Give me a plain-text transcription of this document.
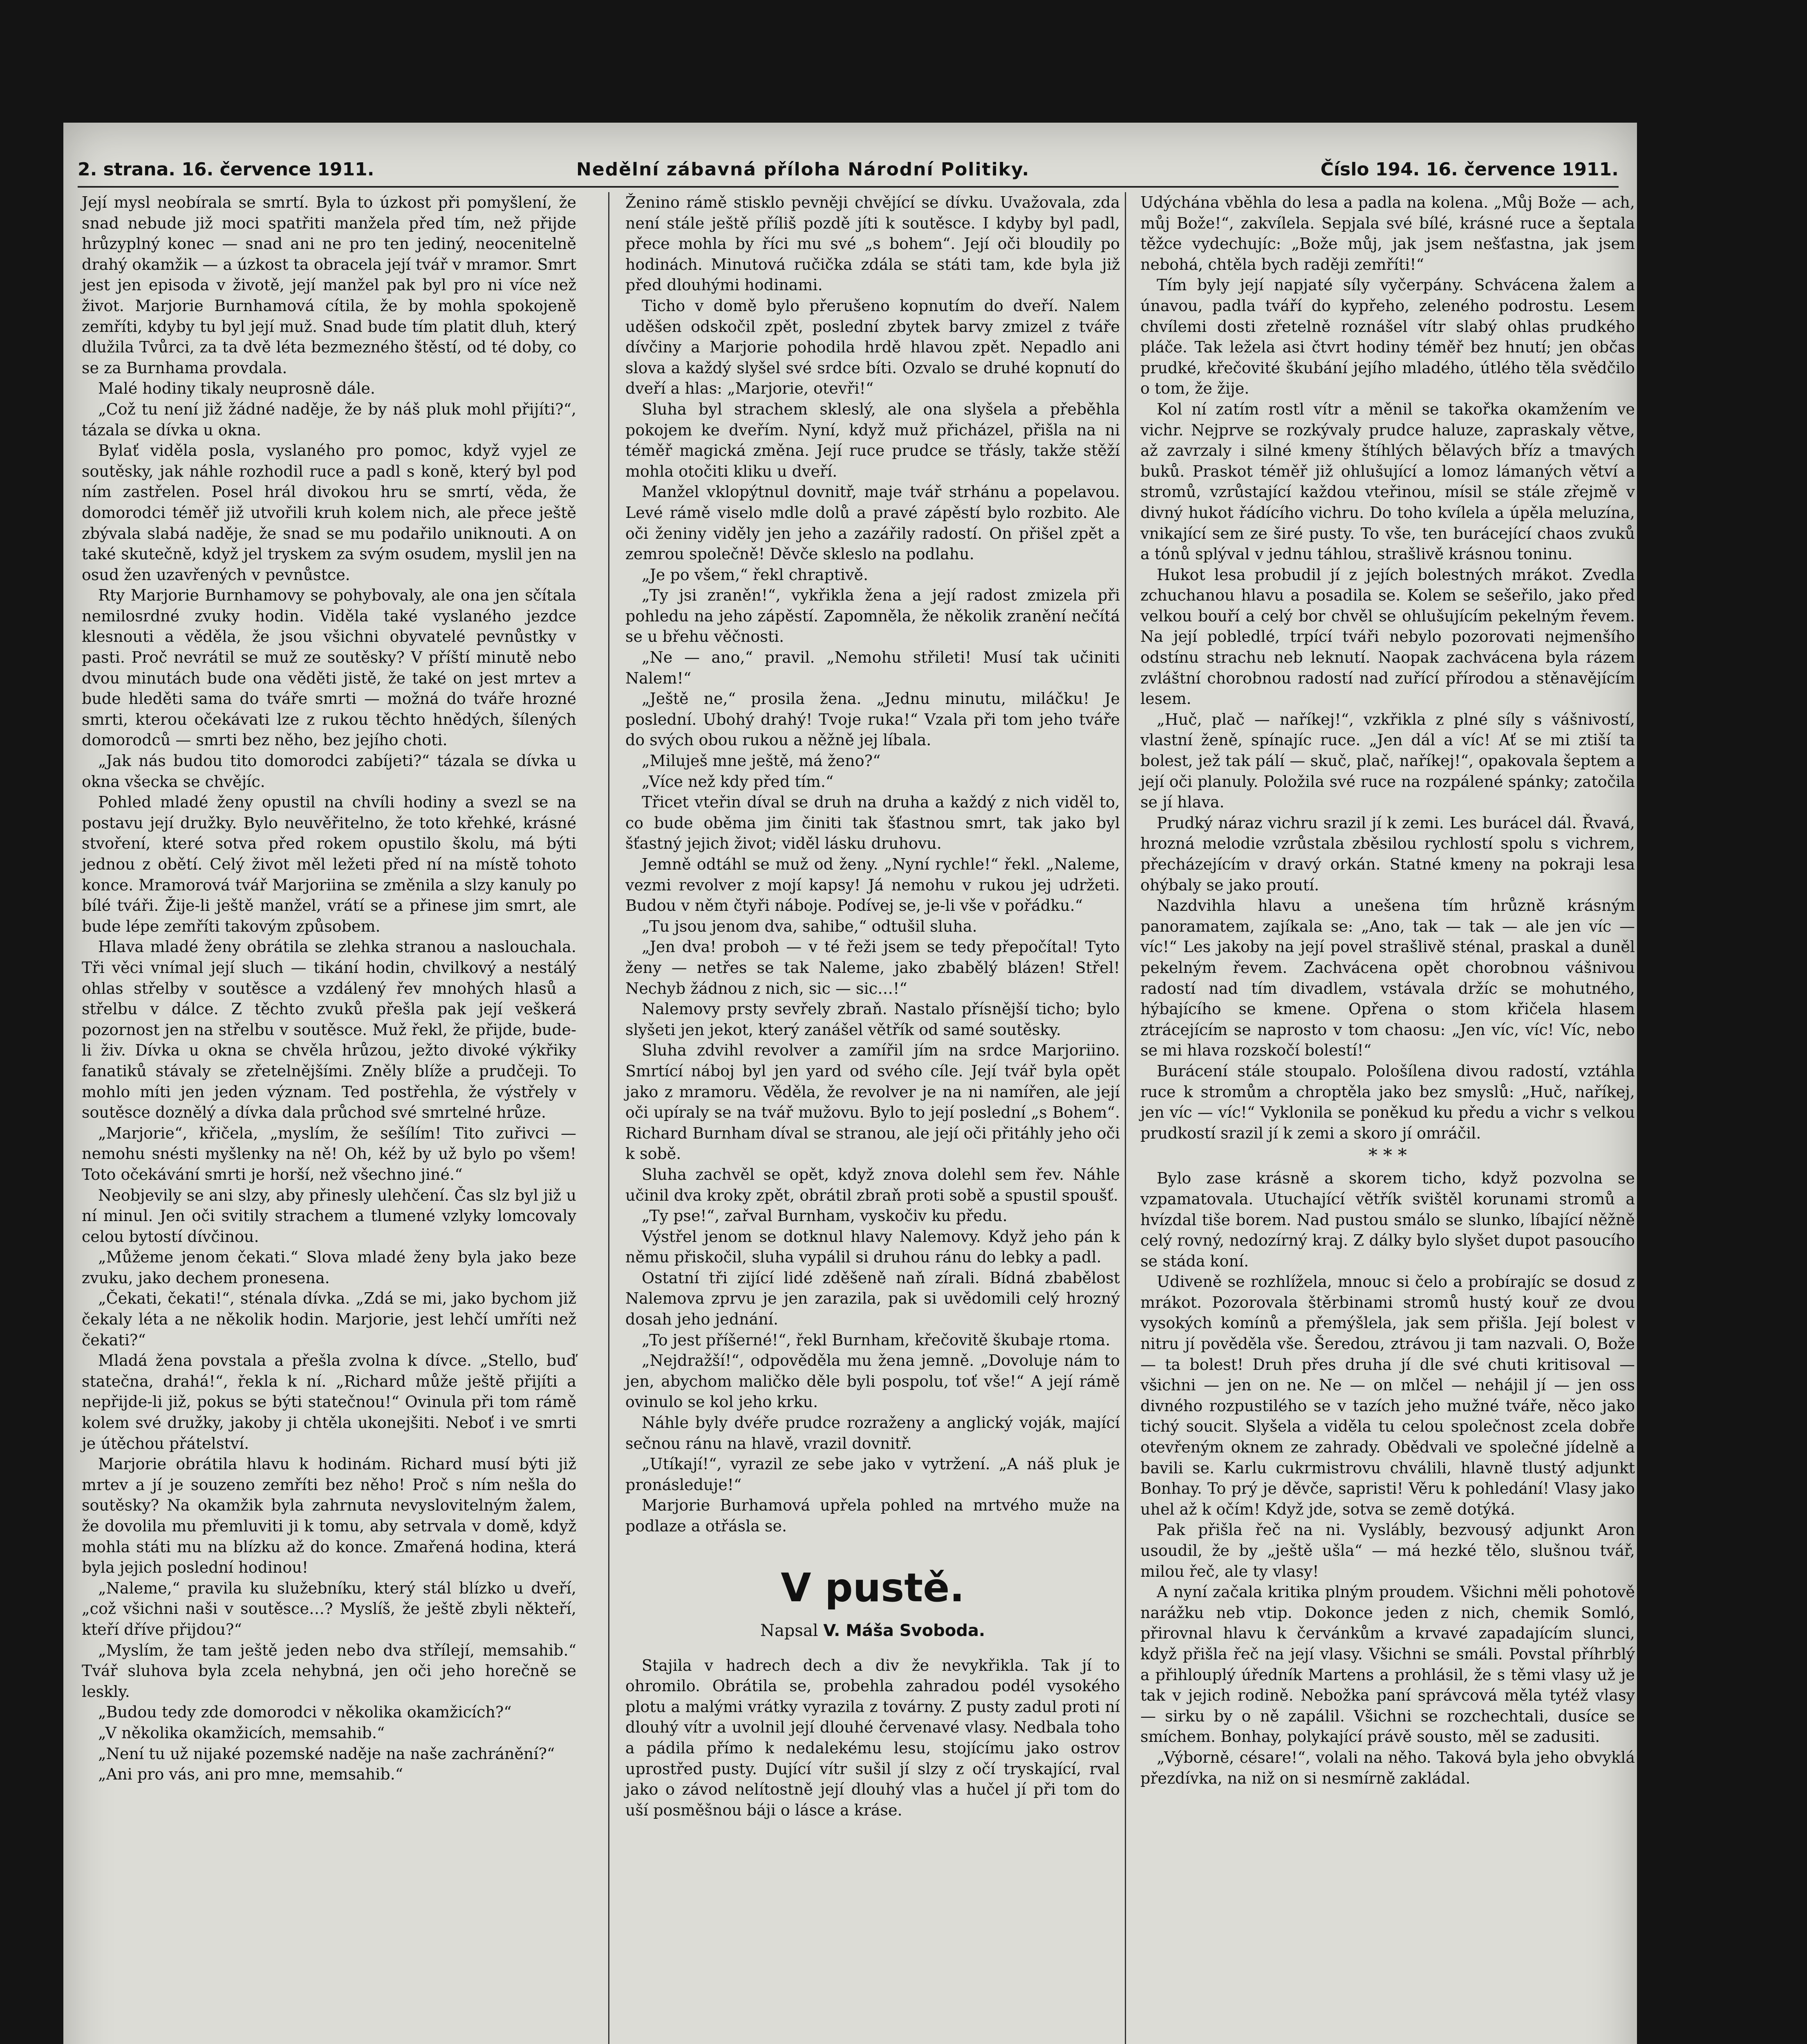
2. strana. 16. července 1911.	Nedělní zábavná příloha Národní Politiky.	Číslo 194. 16. července 1911.

Její mysl neobírala se smrtí. Byla to úzkost při pomyšlení, že snad nebude již moci spatřiti manžela před tím, než přijde hrůzyplný konec — snad ani ne pro ten jediný, neocenitelně drahý okamžik — a úzkost ta obracela její tvář v mramor. Smrt jest jen episoda v životě, její manžel pak byl pro ni více než život. Marjorie Burnhamová cítila, že by mohla spokojeně zemříti, kdyby tu byl její muž. Snad bude tím platit dluh, který dlužila Tvůrci, za ta dvě léta bezmezného štěstí, od té doby, co se za Burnhama provdala.

Malé hodiny tikaly neuprosně dále.

„Což tu není již žádné naděje, že by náš pluk mohl přijíti?“, tázala se dívka u okna.

Bylať viděla posla, vyslaného pro pomoc, když vyjel ze soutěsky, jak náhle rozhodil ruce a padl s koně, který byl pod ním zastřelen. Posel hrál divokou hru se smrtí, věda, že domorodci téměř již utvořili kruh kolem nich, ale přece ještě zbývala slabá naděje, že snad se mu podařilo uniknouti. A on také skutečně, když jel tryskem za svým osudem, myslil jen na osud žen uzavřených v pevnůstce.

Rty Marjorie Burnhamovy se pohybovaly, ale ona jen sčítala nemilosrdné zvuky hodin. Viděla také vyslaného jezdce klesnouti a věděla, že jsou všichni obyvatelé pevnůstky v pasti. Proč nevrátil se muž ze soutěsky? V příští minutě nebo dvou minutách bude ona věděti jistě, že také on jest mrtev a bude hleděti sama do tváře smrti — možná do tváře hrozné smrti, kterou očekávati lze z rukou těchto hnědých, šílených domorodců — smrti bez něho, bez jejího choti.

„Jak nás budou tito domorodci zabíjeti?“ tázala se dívka u okna všecka se chvějíc.

Pohled mladé ženy opustil na chvíli hodiny a svezl se na postavu její družky. Bylo neuvěřitelno, že toto křehké, krásné stvoření, které sotva před rokem opustilo školu, má býti jednou z obětí. Celý život měl ležeti před ní na místě tohoto konce. Mramorová tvář Marjoriina se změnila a slzy kanuly po bílé tváři. Žije-li ještě manžel, vrátí se a přinese jim smrt, ale bude lépe zemříti takovým způsobem.

Hlava mladé ženy obrátila se zlehka stranou a naslouchala. Tři věci vnímal její sluch — tikání hodin, chvilkový a nestálý ohlas střelby v soutěsce a vzdálený řev mnohých hlasů a střelbu v dálce. Z těchto zvuků přešla pak její veškerá pozornost jen na střelbu v soutěsce. Muž řekl, že přijde, bude-li živ. Dívka u okna se chvěla hrůzou, ježto divoké výkřiky fanatiků stávaly se zřetelnějšími. Zněly blíže a prudčeji. To mohlo míti jen jeden význam. Ted postřehla, že výstřely v soutěsce doznělý a dívka dala průchod své smrtelné hrůze.

„Marjorie“, křičela, „myslím, že sešílím! Tito zuřivci — nemohu snésti myšlenky na ně! Oh, kéž by už bylo po všem! Toto očekávání smrti je horší, než všechno jiné.“

Neobjevily se ani slzy, aby přinesly ulehčení. Čas slz byl již u ní minul. Jen oči svitily strachem a tlumené vzlyky lomcovaly celou bytostí dívčinou.

„Můžeme jenom čekati.“ Slova mladé ženy byla jako beze zvuku, jako dechem pronesena.

„Čekati, čekati!“, sténala dívka. „Zdá se mi, jako bychom již čekaly léta a ne několik hodin. Marjorie, jest lehčí umříti než čekati?“

Mladá žena povstala a přešla zvolna k dívce. „Stello, buď statečna, drahá!“, řekla k ní. „Richard může ještě přijíti a nepřijde-li již, pokus se býti statečnou!“ Ovinula při tom rámě kolem své družky, jakoby ji chtěla ukonejšiti. Neboť i ve smrti je útěchou přátelství.

Marjorie obrátila hlavu k hodinám. Richard musí býti již mrtev a jí je souzeno zemříti bez něho! Proč s ním nešla do soutěsky? Na okamžik byla zahrnuta nevyslovitelným žalem, že dovolila mu přemluviti ji k tomu, aby setrvala v domě, když mohla státi mu na blízku až do konce. Zmařená hodina, která byla jejich poslední hodinou!

„Naleme,“ pravila ku služebníku, který stál blízko u dveří, „což všichni naši v soutěsce…? Myslíš, že ještě zbyli někteří, kteří dříve přijdou?“

„Myslím, že tam ještě jeden nebo dva střílejí, memsahib.“ Tvář sluhova byla zcela nehybná, jen oči jeho horečně se leskly.

„Budou tedy zde domorodci v několika okamžicích?“

„V několika okamžicích, memsahib.“

„Není tu už nijaké pozemské naděje na naše zachránění?“

„Ani pro vás, ani pro mne, memsahib.“

Ženino rámě stisklo pevněji chvějící se dívku. Uvažovala, zda není stále ještě příliš pozdě jíti k soutěsce. I kdyby byl padl, přece mohla by říci mu své „s bohem“. Její oči bloudily po hodinách. Minutová ručička zdála se státi tam, kde byla již před dlouhými hodinami.

Ticho v domě bylo přerušeno kopnutím do dveří. Nalem uděšen odskočil zpět, poslední zbytek barvy zmizel z tváře dívčiny a Marjorie pohodila hrdě hlavou zpět. Nepadlo ani slova a každý slyšel své srdce bíti. Ozvalo se druhé kopnutí do dveří a hlas: „Marjorie, otevři!“

Sluha byl strachem skleslý, ale ona slyšela a přeběhla pokojem ke dveřím. Nyní, když muž přicházel, přišla na ni téměř magická změna. Její ruce prudce se třásly, takže stěží mohla otočiti kliku u dveří.

Manžel vklopýtnul dovnitř, maje tvář strhánu a popelavou. Levé rámě viselo mdle dolů a pravé zápěstí bylo rozbito. Ale oči ženiny viděly jen jeho a zazářily radostí. On přišel zpět a zemrou společně! Děvče skleslo na podlahu.

„Je po všem,“ řekl chraptivě.

„Ty jsi zraněn!“, vykřikla žena a její radost zmizela při pohledu na jeho zápěstí. Zapomněla, že několik zranění nečítá se u břehu věčnosti.

„Ne — ano,“ pravil. „Nemohu střileti! Musí tak učiniti Nalem!“

„Ještě ne,“ prosila žena. „Jednu minutu, miláčku! Je poslední. Ubohý drahý! Tvoje ruka!“ Vzala při tom jeho tváře do svých obou rukou a něžně jej líbala.

„Miluješ mne ještě, má ženo?“

„Více než kdy před tím.“

Třicet vteřin díval se druh na druha a každý z nich viděl to, co bude oběma jim činiti tak šťastnou smrt, tak jako byl šťastný jejich život; viděl lásku druhovu.

Jemně odtáhl se muž od ženy. „Nyní rychle!“ řekl. „Naleme, vezmi revolver z mojí kapsy! Já nemohu v rukou jej udržeti. Budou v něm čtyři náboje. Podívej se, je-li vše v pořádku.“

„Tu jsou jenom dva, sahibe,“ odtušil sluha.

„Jen dva! proboh — v té řeži jsem se tedy přepočítal! Tyto ženy — netřes se tak Naleme, jako zbabělý blázen! Střel! Nechyb žádnou z nich, sic — sic…!“

Nalemovy prsty sevřely zbraň. Nastalo přísnější ticho; bylo slyšeti jen jekot, který zanášel větřík od samé soutěsky.

Sluha zdvihl revolver a zamířil jím na srdce Marjoriino. Smrtící náboj byl jen yard od svého cíle. Její tvář byla opět jako z mramoru. Věděla, že revolver je na ni namířen, ale její oči upíraly se na tvář mužovu. Bylo to její poslední „s Bohem“. Richard Burnham díval se stranou, ale její oči přitáhly jeho oči k sobě.

Sluha zachvěl se opět, když znova dolehl sem řev. Náhle učinil dva kroky zpět, obrátil zbraň proti sobě a spustil spoušť.

„Ty pse!“, zařval Burnham, vyskočiv ku předu.

Výstřel jenom se dotknul hlavy Nalemovy. Když jeho pán k němu přiskočil, sluha vypálil si druhou ránu do lebky a padl.

Ostatní tři zijící lidé zděšeně naň zírali. Bídná zbabělost Nalemova zprvu je jen zarazila, pak si uvědomili celý hrozný dosah jeho jednání.

„To jest příšerné!“, řekl Burnham, křečovitě škubaje rtoma.

„Nejdražší!“, odpověděla mu žena jemně. „Dovoluje nám to jen, abychom maličko děle byli pospolu, toť vše!“ A její rámě ovinulo se kol jeho krku.

Náhle byly dvéře prudce rozraženy a anglický voják, mající sečnou ránu na hlavě, vrazil dovnitř.

„Utíkají!“, vyrazil ze sebe jako v vytržení. „A náš pluk je pronásleduje!“

Marjorie Burhamová upřela pohled na mrtvého muže na podlaze a otřásla se.

V pustě.
Napsal V. Máša Svoboda.

Stajila v hadrech dech a div že nevykřikla. Tak jí to ohromilo. Obrátila se, probehla zahradou podél vysokého plotu a malými vrátky vyrazila z továrny. Z pusty zadul proti ní dlouhý vítr a uvolnil její dlouhé červenavé vlasy. Nedbala toho a pádila přímo k nedalekému lesu, stojícímu jako ostrov uprostřed pusty. Dující vítr sušil jí slzy z očí tryskající, rval jako o závod nelítostně její dlouhý vlas a hučel jí při tom do uší posměšnou báji o lásce a kráse.

Udýchána vběhla do lesa a padla na kolena. „Můj Bože — ach, můj Bože!“, zakvílela. Sepjala své bílé, krásné ruce a šeptala těžce vydechujíc: „Bože můj, jak jsem nešťastna, jak jsem nebohá, chtěla bych raději zemříti!“

Tím byly její napjaté síly vyčerpány. Schvácena žalem a únavou, padla tváří do kypřeho, zeleného podrostu. Lesem chvílemi dosti zřetelně roznášel vítr slabý ohlas prudkého pláče. Tak ležela asi čtvrt hodiny téměř bez hnutí; jen občas prudké, křečovité škubání jejího mladého, útlého těla svědčilo o tom, že žije.

Kol ní zatím rostl vítr a měnil se takořka okamžením ve vichr. Nejprve se rozkývaly prudce haluze, zapraskaly větve, až zavrzaly i silné kmeny štíhlých bělavých bříz a tmavých buků. Praskot téměř již ohlušující a lomoz lámaných větví a stromů, vzrůstající každou vteřinou, mísil se stále zřejmě v divný hukot řádícího vichru. Do toho kvílela a úpěla meluzína, vnikající sem ze širé pusty. To vše, ten burácející chaos zvuků a tónů splýval v jednu táhlou, strašlivě krásnou toninu.

Hukot lesa probudil jí z jejích bolestných mrákot. Zvedla zchuchanou hlavu a posadila se. Kolem se sešeřilo, jako před velkou bouří a celý bor chvěl se ohlušujícím pekelným řevem. Na její pobledlé, trpící tváři nebylo pozorovati nejmenšího odstínu strachu neb leknutí. Naopak zachvácena byla rázem zvláštní chorobnou radostí nad zuřící přírodou a stěnavějícím lesem.

„Huč, plač — naříkej!“, vzkřikla z plné síly s vášnivostí, vlastní ženě, spínajíc ruce. „Jen dál a víc! Ať se mi ztiší ta bolest, jež tak pálí — skuč, plač, naříkej!“, opakovala šeptem a její oči planuly. Položila své ruce na rozpálené spánky; zatočila se jí hlava.

Prudký náraz vichru srazil jí k zemi. Les burácel dál. Řvavá, hrozná melodie vzrůstala zběsilou rychlostí spolu s vichrem, přecházejícím v dravý orkán. Statné kmeny na pokraji lesa ohýbaly se jako proutí.

Nazdvihla hlavu a unešena tím hrůzně krásným panoramatem, zajíkala se: „Ano, tak — tak — ale jen víc — víc!“ Les jakoby na její povel strašlivě sténal, praskal a duněl pekelným řevem. Zachvácena opět chorobnou vášnivou radostí nad tím divadlem, vstávala držíc se mohutného, hýbajícího se kmene. Opřena o stom křičela hlasem ztrácejícím se naprosto v tom chaosu: „Jen víc, víc! Víc, nebo se mi hlava rozskočí bolestí!“

Burácení stále stoupalo. Pološílena divou radostí, vztáhla ruce k stromům a chroptěla jako bez smyslů: „Huč, naříkej, jen víc — víc!“ Vyklonila se poněkud ku předu a vichr s velkou prudkostí srazil jí k zemi a skoro jí omráčil.

* * *

Bylo zase krásně a skorem ticho, když pozvolna se vzpamatovala. Utuchající větřík svištěl korunami stromů a hvízdal tiše borem. Nad pustou smálo se slunko, líbající něžně celý rovný, nedozírný kraj. Z dálky bylo slyšet dupot pasoucího se stáda koní.

Udiveně se rozhlížela, mnouc si čelo a probírajíc se dosud z mrákot. Pozorovala štěrbinami stromů hustý kouř ze dvou vysokých komínů a přemýšlela, jak sem přišla. Její bolest v nitru jí pověděla vše. Šeredou, ztrávou ji tam nazvali. O, Bože — ta bolest! Druh přes druha jí dle své chuti kritisoval — všichni — jen on ne. Ne — on mlčel — nehájil jí — jen oss divného rozpustilého se v tazích jeho mužné tváře, něco jako tichý soucit. Slyšela a viděla tu celou společnost zcela dobře otevřeným oknem ze zahrady. Obědvali ve společné jídelně a bavili se. Karlu cukrmistrovu chválili, hlavně tlustý adjunkt Bonhay. To prý je děvče, sapristi! Věru k pohledání! Vlasy jako uhel až k očím! Když jde, sotva se země dotýká.

Pak přišla řeč na ni. Vyslábly, bezvousý adjunkt Aron usoudil, že by „ještě ušla“ — má hezké tělo, slušnou tvář, milou řeč, ale ty vlasy!

A nyní začala kritika plným proudem. Všichni měli pohotově narážku neb vtip. Dokonce jeden z nich, chemik Somló, přirovnal hlavu k červánkům a krvavé zapadajícím slunci, když přišla řeč na její vlasy. Všichni se smáli. Povstal příhrblý a přihlouplý úředník Martens a prohlásil, že s těmi vlasy už je tak v jejich rodině. Nebožka paní správcová měla tytéž vlasy — sirku by o ně zapálil. Všichni se rozchechtali, dusíce se smíchem. Bonhay, polykající právě sousto, měl se zadusiti.

„Výborně, césare!“, volali na něho. Taková byla jeho obvyklá přezdívka, na niž on si nesmírně zakládal.
